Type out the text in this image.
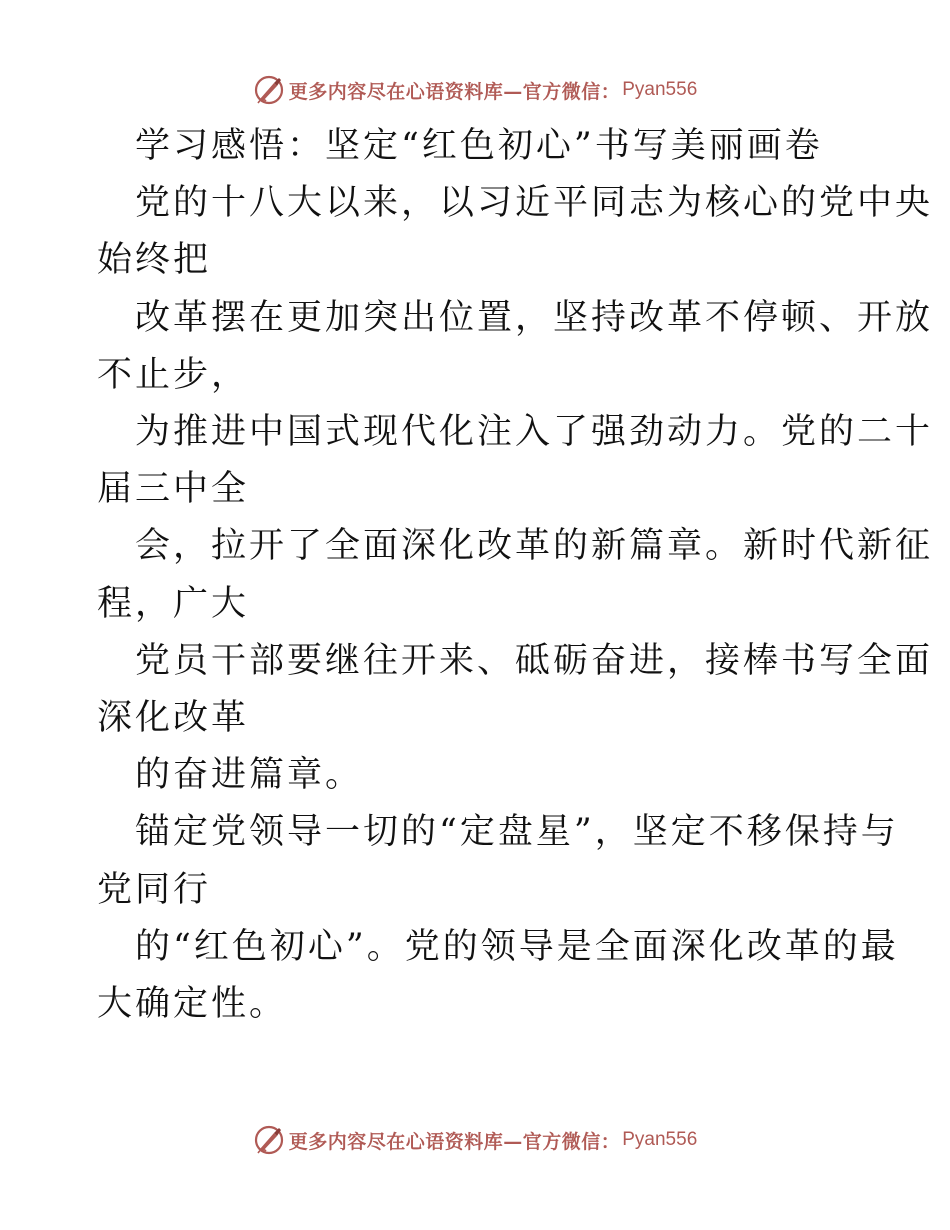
更多内容尽在心语资料库—官方微信： Pyan556

学习感悟：坚定“红色初心”书写美丽画卷

党的十八大以来，以习近平同志为核心的党中央

始终把

改革摆在更加突出位置，坚持改革不停顿、开放

不止步，

为推进中国式现代化注入了强劲动力。党的二十

届三中全

会，拉开了全面深化改革的新篇章。新时代新征

程，广大

党员干部要继往开来、砥砺奋进，接棒书写全面

深化改革

的奋进篇章。

锚定党领导一切的“定盘星”，坚定不移保持与

党同行

的“红色初心”。党的领导是全面深化改革的最

大确定性。

更多内容尽在心语资料库—官方微信： Pyan556
